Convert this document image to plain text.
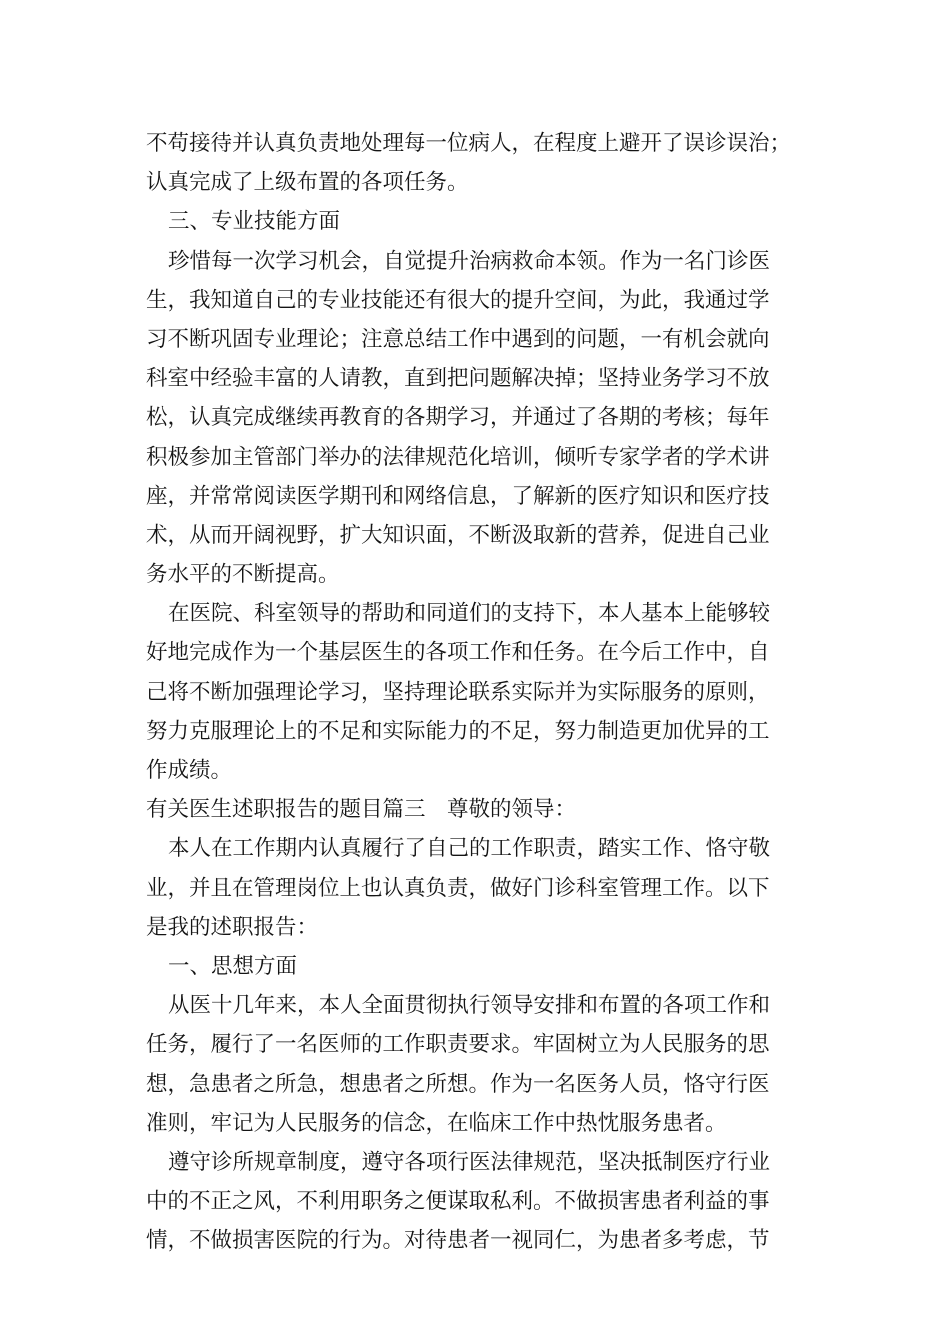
不苟接待并认真负责地处理每一位病人，在程度上避开了误诊误治；
认真完成了上级布置的各项任务。
三、专业技能方面
珍惜每一次学习机会，自觉提升治病救命本领。作为一名门诊医
生，我知道自己的专业技能还有很大的提升空间，为此，我通过学
习不断巩固专业理论；注意总结工作中遇到的问题，一有机会就向
科室中经验丰富的人请教，直到把问题解决掉；坚持业务学习不放
松，认真完成继续再教育的各期学习，并通过了各期的考核；每年
积极参加主管部门举办的法律规范化培训，倾听专家学者的学术讲
座，并常常阅读医学期刊和网络信息，了解新的医疗知识和医疗技
术，从而开阔视野，扩大知识面，不断汲取新的营养，促进自己业
务水平的不断提高。
在医院、科室领导的帮助和同道们的支持下，本人基本上能够较
好地完成作为一个基层医生的各项工作和任务。在今后工作中，自
己将不断加强理论学习，坚持理论联系实际并为实际服务的原则，
努力克服理论上的不足和实际能力的不足，努力制造更加优异的工
作成绩。
有关医生述职报告的题目篇三　尊敬的领导：
本人在工作期内认真履行了自己的工作职责，踏实工作、恪守敬
业，并且在管理岗位上也认真负责，做好门诊科室管理工作。以下
是我的述职报告：
一、思想方面
从医十几年来，本人全面贯彻执行领导安排和布置的各项工作和
任务，履行了一名医师的工作职责要求。牢固树立为人民服务的思
想，急患者之所急，想患者之所想。作为一名医务人员，恪守行医
准则，牢记为人民服务的信念，在临床工作中热忱服务患者。
遵守诊所规章制度，遵守各项行医法律规范，坚决抵制医疗行业
中的不正之风，不利用职务之便谋取私利。不做损害患者利益的事
情，不做损害医院的行为。对待患者一视同仁，为患者多考虑，节
